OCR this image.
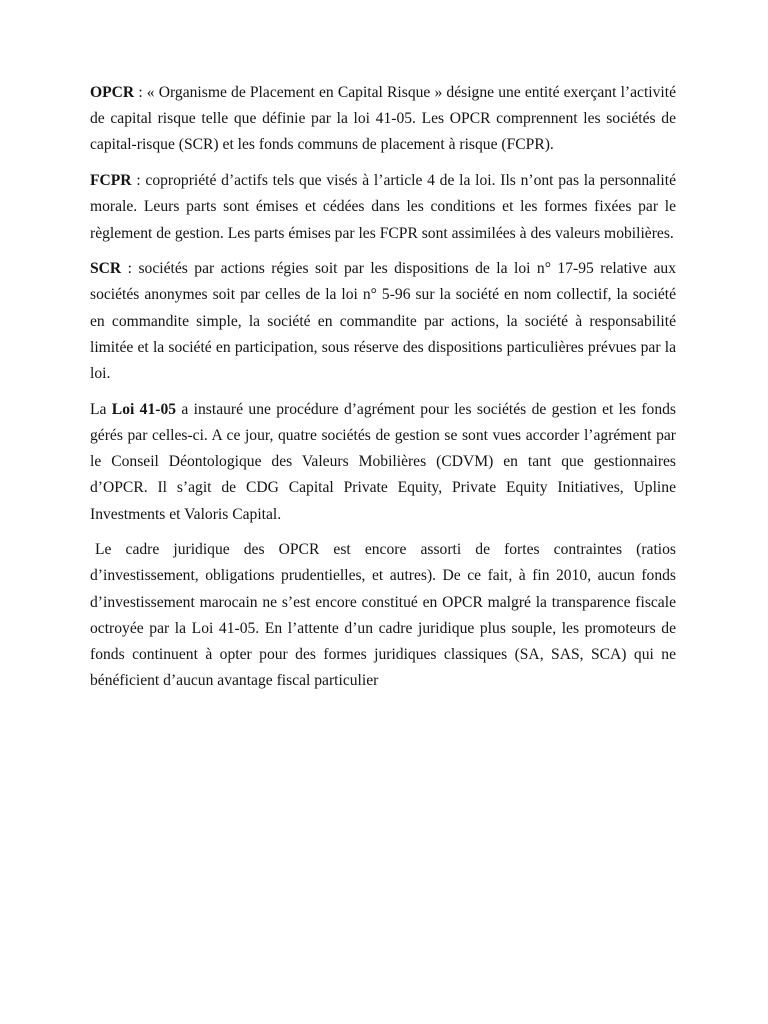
OPCR : « Organisme de Placement en Capital Risque » désigne une entité exerçant l’activité de capital risque telle que définie par la loi 41-05. Les OPCR comprennent les sociétés de capital-risque (SCR) et les fonds communs de placement à risque (FCPR).

FCPR : copropriété d’actifs tels que visés à l’article 4 de la loi. Ils n’ont pas la personnalité morale. Leurs parts sont émises et cédées dans les conditions et les formes fixées par le règlement de gestion. Les parts émises par les FCPR sont assimilées à des valeurs mobilières.

SCR : sociétés par actions régies soit par les dispositions de la loi n° 17-95 relative aux sociétés anonymes soit par celles de la loi n° 5-96 sur la société en nom collectif, la société en commandite simple, la société en commandite par actions, la société à responsabilité limitée et la société en participation, sous réserve des dispositions particulières prévues par la loi.

La Loi 41-05 a instauré une procédure d’agrément pour les sociétés de gestion et les fonds gérés par celles-ci. A ce jour, quatre sociétés de gestion se sont vues accorder l’agrément par le Conseil Déontologique des Valeurs Mobilières (CDVM) en tant que gestionnaires d’OPCR. Il s’agit de CDG Capital Private Equity, Private Equity Initiatives, Upline Investments et Valoris Capital.

Le cadre juridique des OPCR est encore assorti de fortes contraintes (ratios d’investissement, obligations prudentielles, et autres). De ce fait, à fin 2010, aucun fonds d’investissement marocain ne s’est encore constitué en OPCR malgré la transparence fiscale octroyée par la Loi 41-05. En l’attente d’un cadre juridique plus souple, les promoteurs de fonds continuent à opter pour des formes juridiques classiques (SA, SAS, SCA) qui ne bénéficient d’aucun avantage fiscal particulier
